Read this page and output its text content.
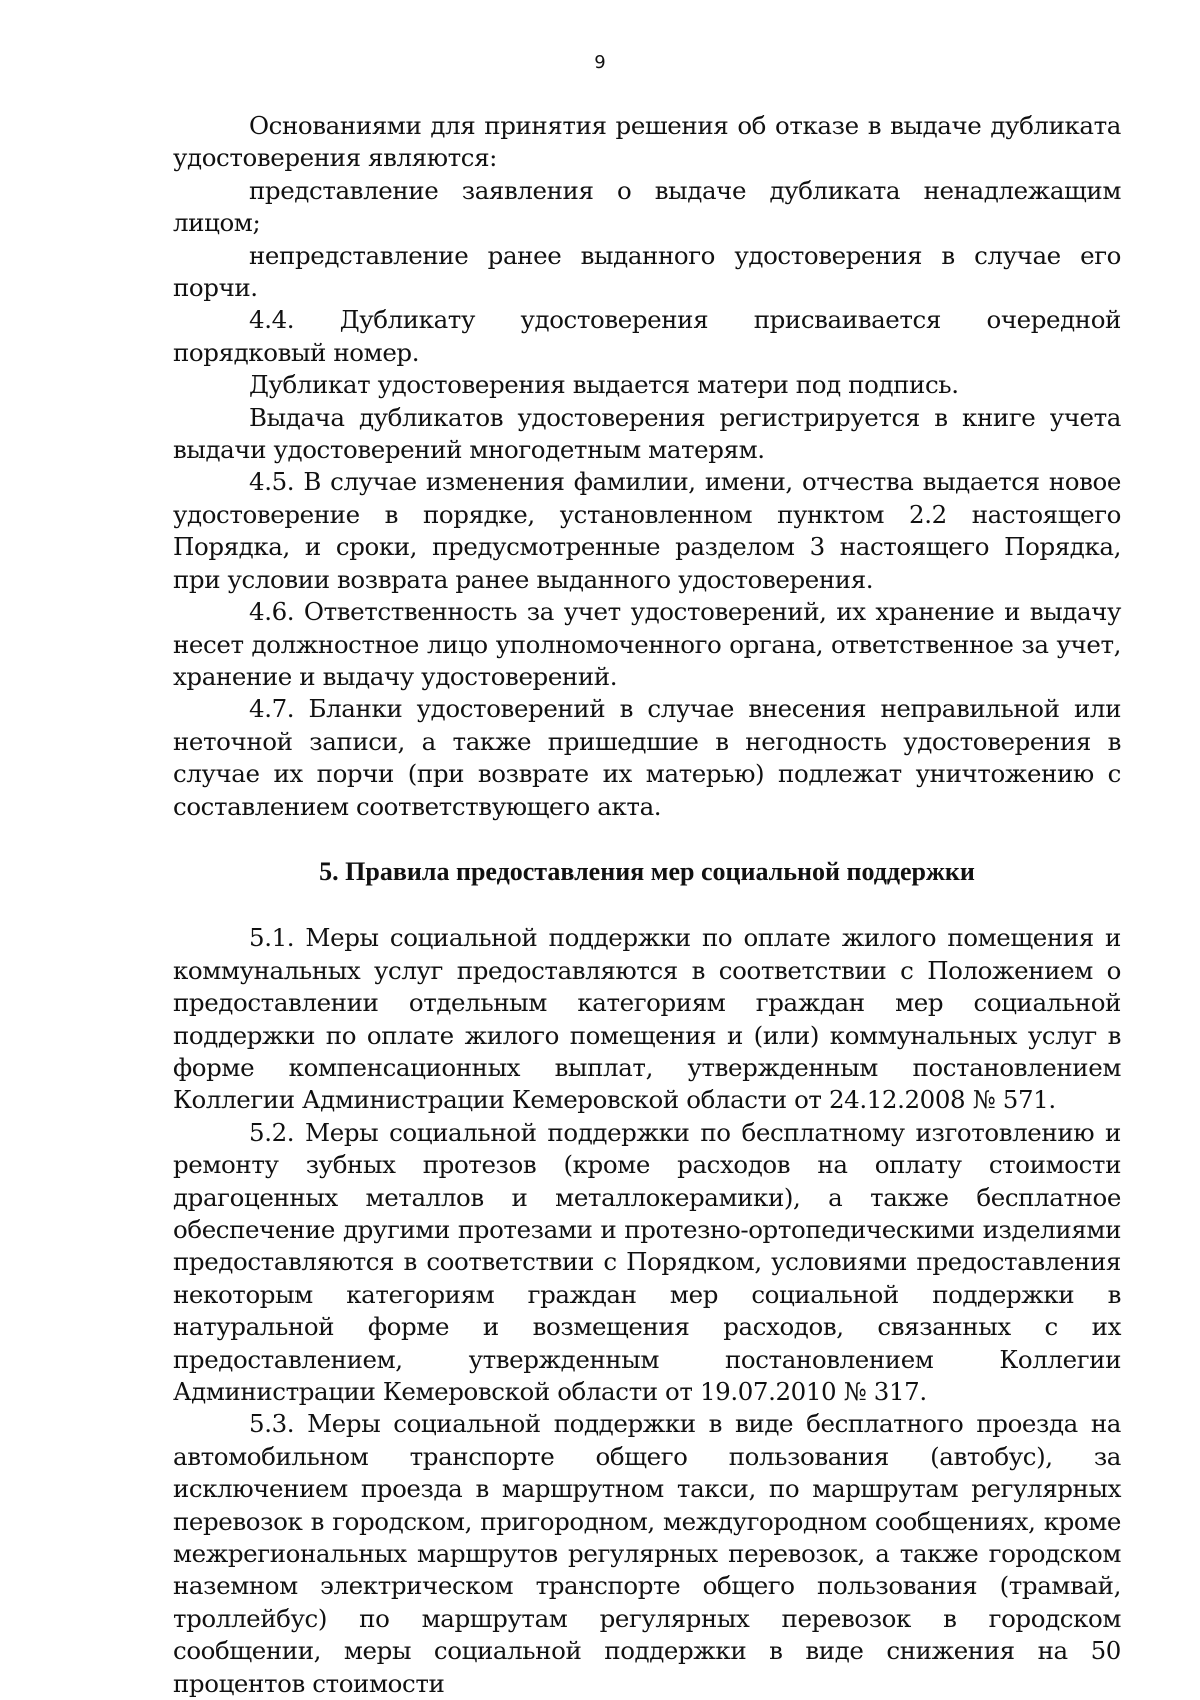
9

Основаниями для принятия решения об отказе в выдаче дубликата удостоверения являются:

представление заявления о выдаче дубликата ненадлежащим лицом;

непредставление ранее выданного удостоверения в случае его порчи.

4.4. Дубликату удостоверения присваивается очередной порядковый номер.

Дубликат удостоверения выдается матери под подпись.

Выдача дубликатов удостоверения регистрируется в книге учета выдачи удостоверений многодетным матерям.

4.5. В случае изменения фамилии, имени, отчества выдается новое удостоверение в порядке, установленном пунктом 2.2 настоящего Порядка, и сроки, предусмотренные разделом 3 настоящего Порядка, при условии возврата ранее выданного удостоверения.

4.6. Ответственность за учет удостоверений, их хранение и выдачу несет должностное лицо уполномоченного органа, ответственное за учет, хранение и выдачу удостоверений.

4.7. Бланки удостоверений в случае внесения неправильной или неточной записи, а также пришедшие в негодность удостоверения в случае их порчи (при возврате их матерью) подлежат уничтожению с составлением соответствующего акта.

5. Правила предоставления мер социальной поддержки

5.1. Меры социальной поддержки по оплате жилого помещения и коммунальных услуг предоставляются в соответствии с Положением о предоставлении отдельным категориям граждан мер социальной поддержки по оплате жилого помещения и (или) коммунальных услуг в форме компенсационных выплат, утвержденным постановлением Коллегии Администрации Кемеровской области от 24.12.2008 № 571.

5.2. Меры социальной поддержки по бесплатному изготовлению и ремонту зубных протезов (кроме расходов на оплату стоимости драгоценных металлов и металлокерамики), а также бесплатное обеспечение другими протезами и протезно-ортопедическими изделиями предоставляются в соответствии с Порядком, условиями предоставления некоторым категориям граждан мер социальной поддержки в натуральной форме и возмещения расходов, связанных с их предоставлением, утвержденным постановлением Коллегии Администрации Кемеровской области от 19.07.2010 № 317.

5.3. Меры социальной поддержки в виде бесплатного проезда на автомобильном транспорте общего пользования (автобус), за исключением проезда в маршрутном такси, по маршрутам регулярных перевозок в городском, пригородном, междугородном сообщениях, кроме межрегиональных маршрутов регулярных перевозок, а также городском наземном электрическом транспорте общего пользования (трамвай, троллейбус) по маршрутам регулярных перевозок в городском сообщении, меры социальной поддержки в виде снижения на 50 процентов стоимости
